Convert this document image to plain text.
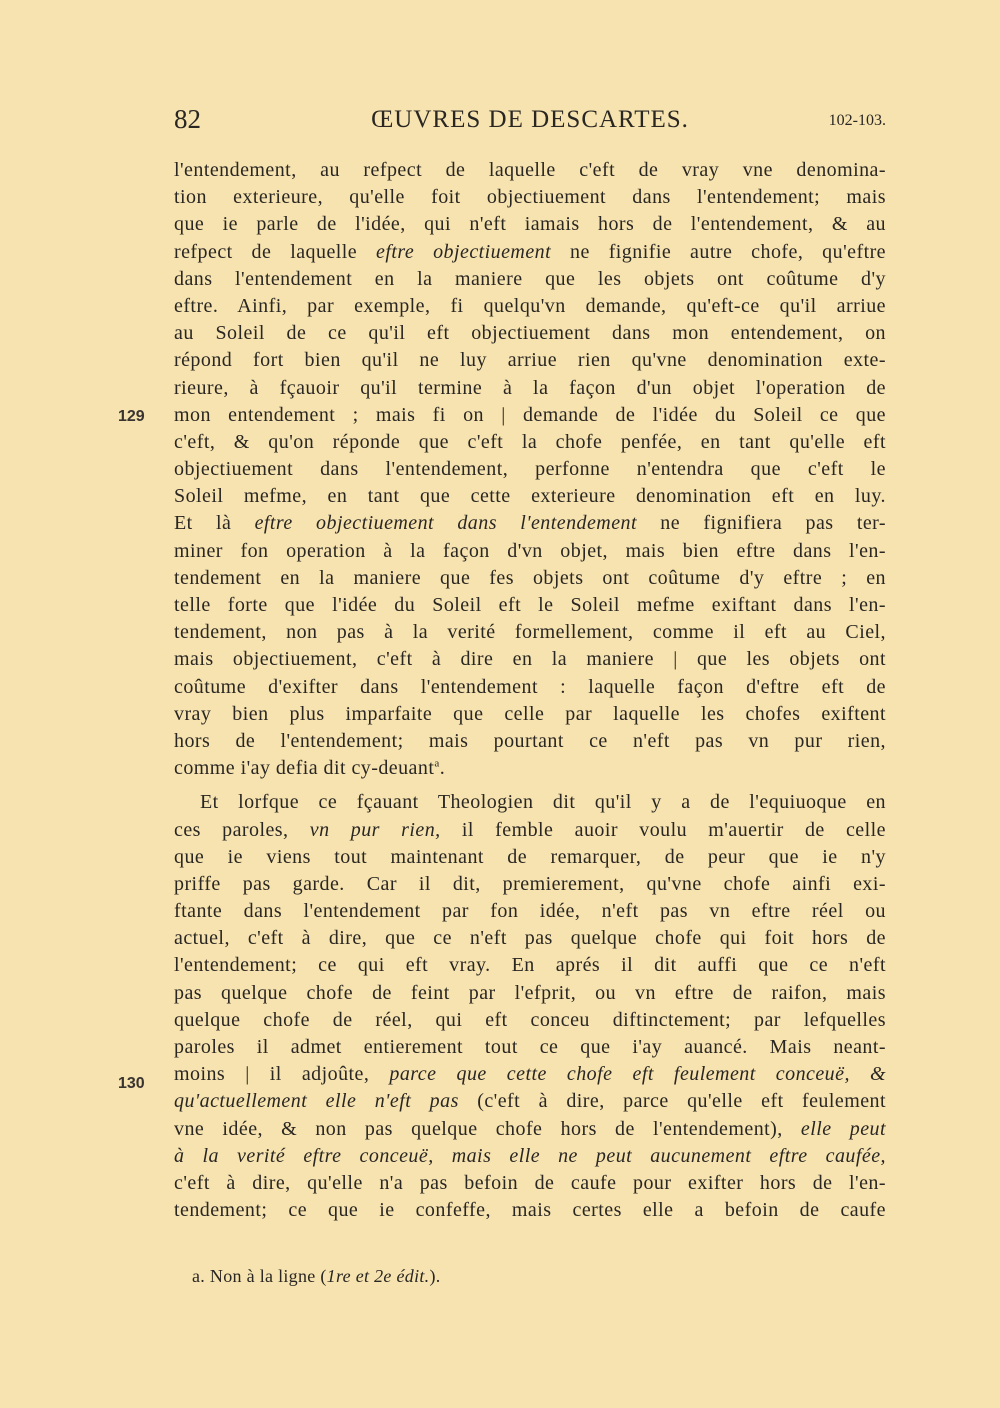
82	ŒUVRES DE DESCARTES.	102-103.
129
130
l'entendement, au refpect de laquelle c'eft de vray vne denomina-
tion exterieure, qu'elle foit objectiuement dans l'entendement; mais
que ie parle de l'idée, qui n'eft iamais hors de l'entendement, & au
refpect de laquelle eftre objectiuement ne fignifie autre chofe, qu'eftre
dans l'entendement en la maniere que les objets ont coûtume d'y
eftre. Ainfi, par exemple, fi quelqu'vn demande, qu'eft-ce qu'il arriue
au Soleil de ce qu'il eft objectiuement dans mon entendement, on
répond fort bien qu'il ne luy arriue rien qu'vne denomination exte-
rieure, à fçauoir qu'il termine à la façon d'un objet l'operation de
mon entendement ; mais fi on | demande de l'idée du Soleil ce que
c'eft, & qu'on réponde que c'eft la chofe penfée, en tant qu'elle eft
objectiuement dans l'entendement, perfonne n'entendra que c'eft le
Soleil mefme, en tant que cette exterieure denomination eft en luy.
Et là eftre objectiuement dans l'entendement ne fignifiera pas ter-
miner fon operation à la façon d'vn objet, mais bien eftre dans l'en-
tendement en la maniere que fes objets ont coûtume d'y eftre ; en
telle forte que l'idée du Soleil eft le Soleil mefme exiftant dans l'en-
tendement, non pas à la verité formellement, comme il eft au Ciel,
mais objectiuement, c'eft à dire en la maniere | que les objets ont
coûtume d'exifter dans l'entendement : laquelle façon d'eftre eft de
vray bien plus imparfaite que celle par laquelle les chofes exiftent
hors de l'entendement; mais pourtant ce n'eft pas vn pur rien,
comme i'ay defia dit cy-deuant$^a$.
Et lorfque ce fçauant Theologien dit qu'il y a de l'equiuoque en
ces paroles, vn pur rien, il femble auoir voulu m'auertir de celle
que ie viens tout maintenant de remarquer, de peur que ie n'y
priffe pas garde. Car il dit, premierement, qu'vne chofe ainfi exi-
ftante dans l'entendement par fon idée, n'eft pas vn eftre réel ou
actuel, c'eft à dire, que ce n'eft pas quelque chofe qui foit hors de
l'entendement; ce qui eft vray. En aprés il dit auffi que ce n'eft
pas quelque chofe de feint par l'efprit, ou vn eftre de raifon, mais
quelque chofe de réel, qui eft conceu diftinctement; par lefquelles
paroles il admet entierement tout ce que i'ay auancé. Mais neant-
moins | il adjoûte, parce que cette chofe eft feulement conceuë, &
qu'actuellement elle n'eft pas (c'eft à dire, parce qu'elle eft feulement
vne idée, & non pas quelque chofe hors de l'entendement), elle peut
à la verité eftre conceuë, mais elle ne peut aucunement eftre caufée,
c'eft à dire, qu'elle n'a pas befoin de caufe pour exifter hors de l'en-
tendement; ce que ie confeffe, mais certes elle a befoin de caufe
a. Non à la ligne (1re et 2e édit.).
